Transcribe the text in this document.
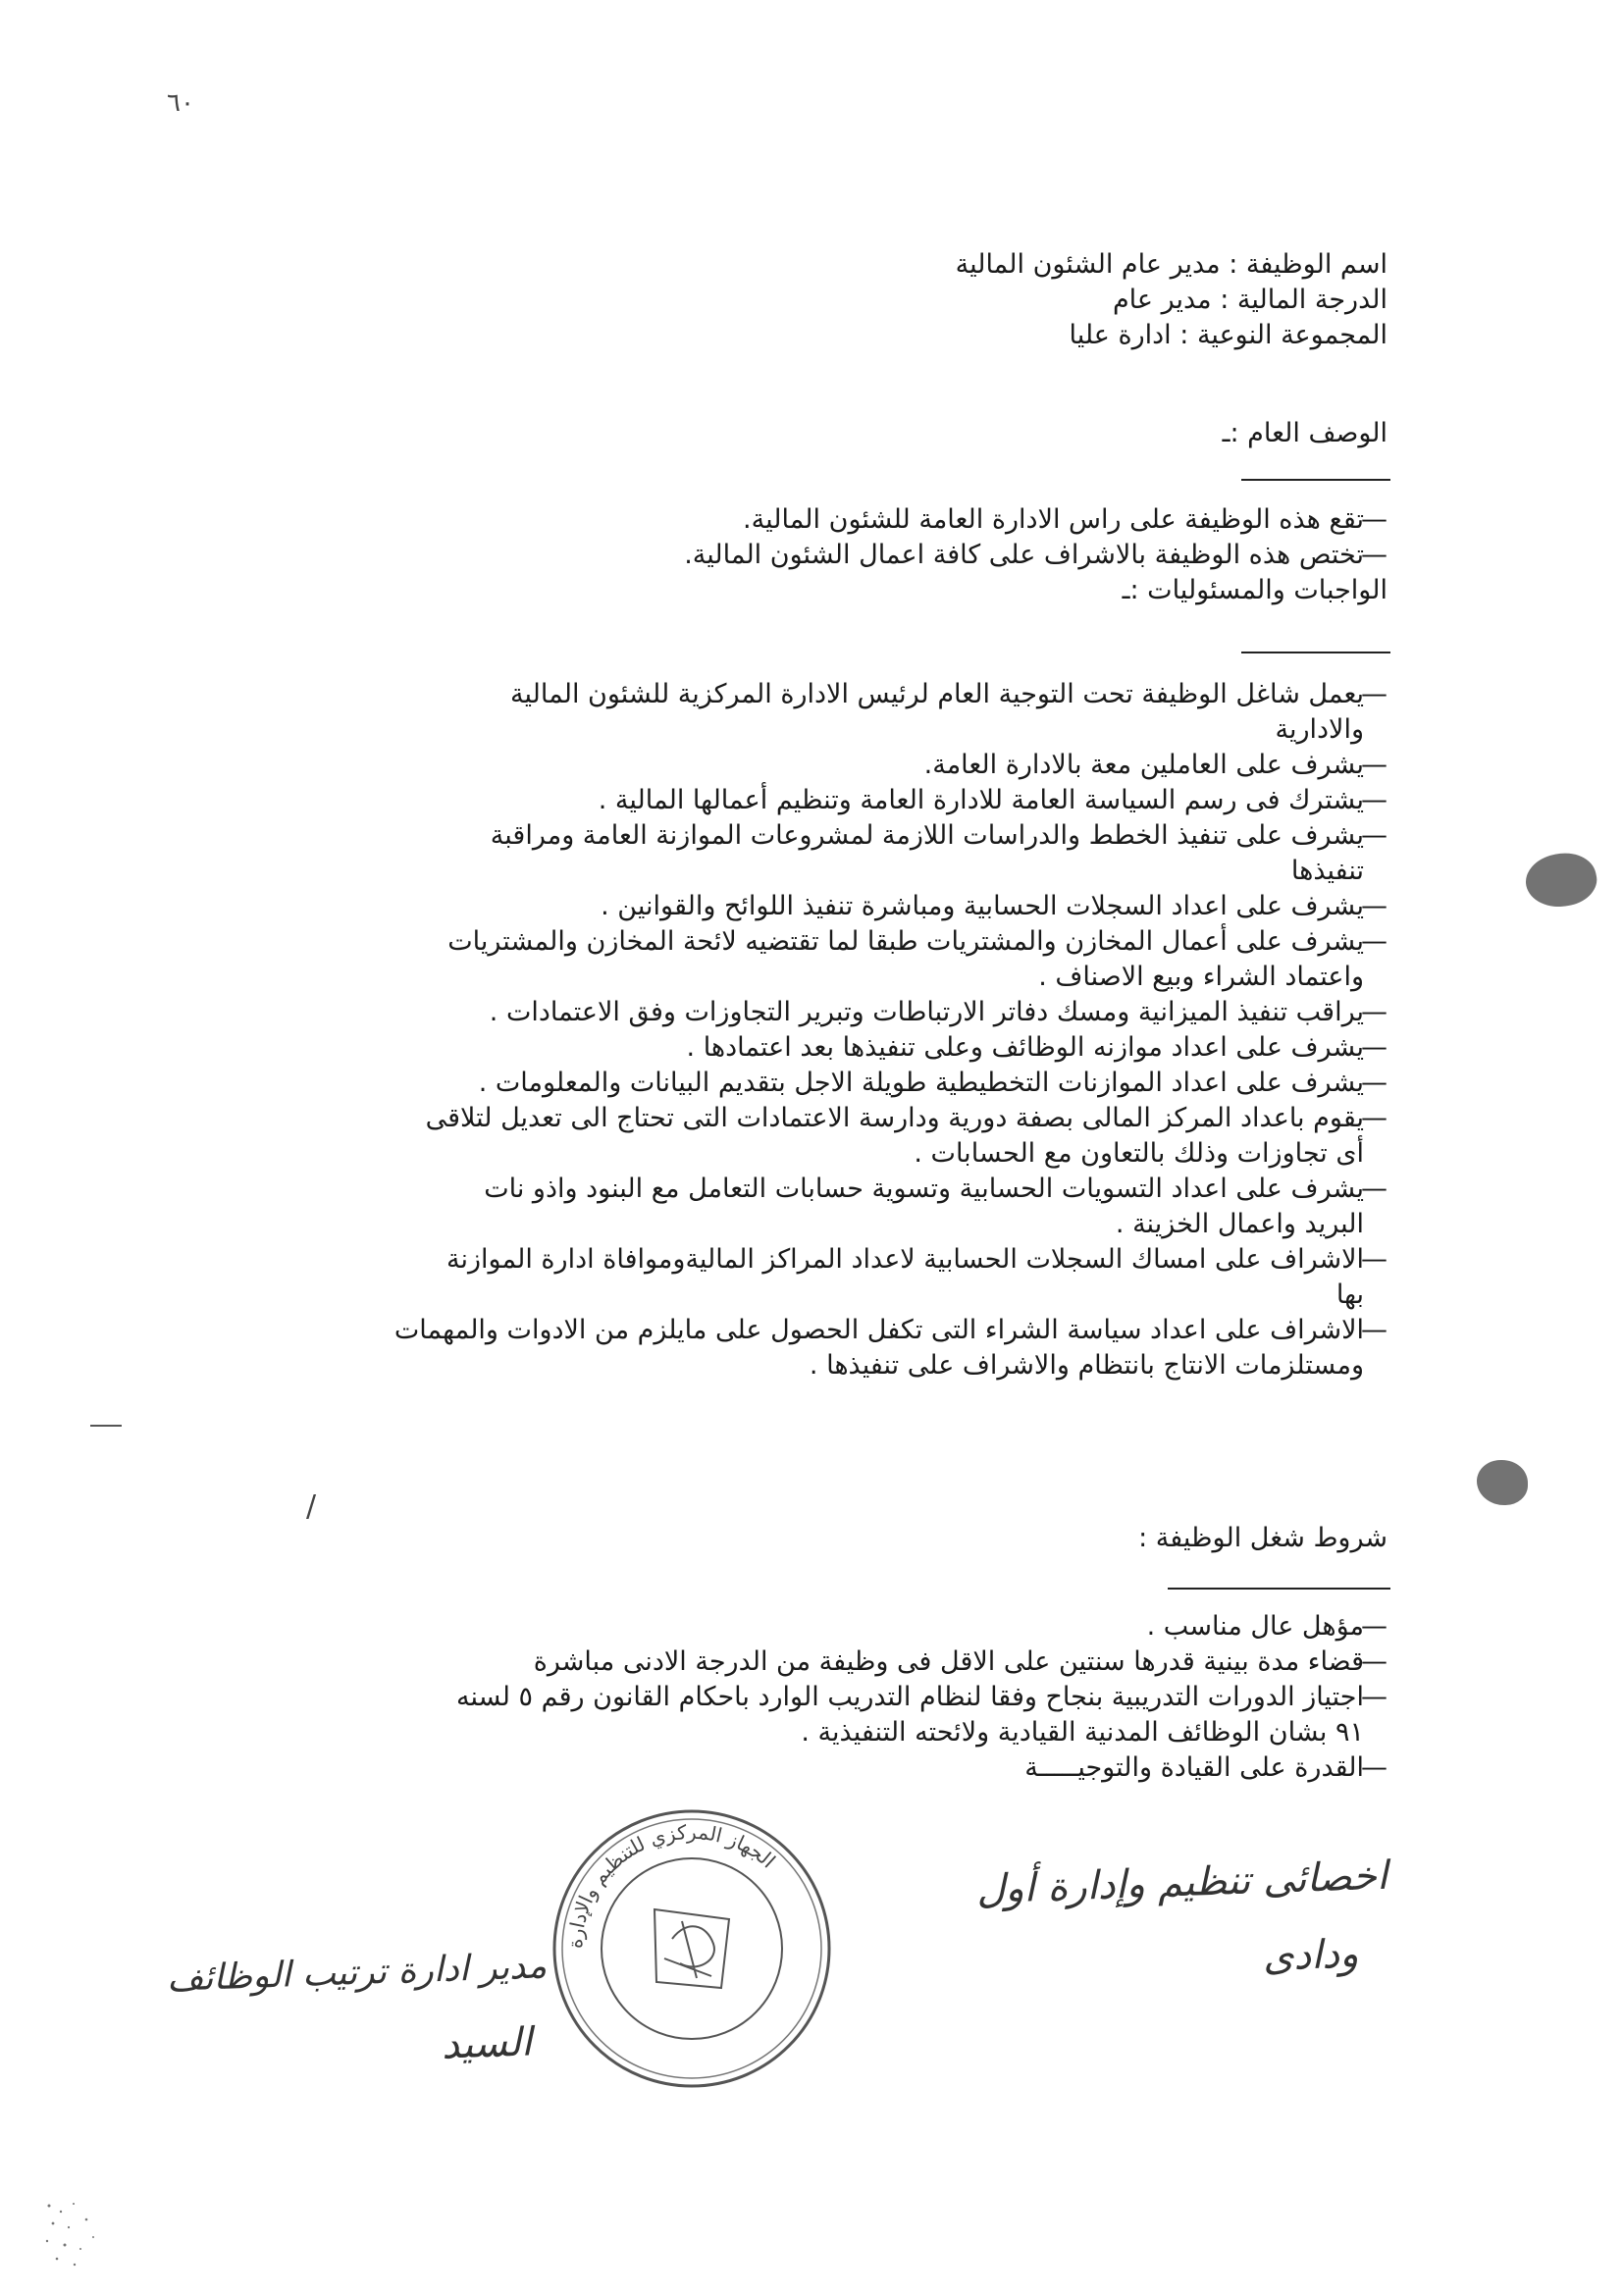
٦٠
اسم الوظيفة : مدير عام الشئون المالية
الدرجة المالية : مدير عام
المجموعة النوعية : ادارة عليا
الوصف العام :ـ
—
تقع هذه الوظيفة على راس الادارة العامة للشئون المالية.
—
تختص هذه الوظيفة بالاشراف على كافة اعمال الشئون المالية.
الواجبات والمسئوليات :ـ
—
يعمل شاغل الوظيفة تحت التوجية العام لرئيس الادارة المركزية للشئون المالية
والادارية
—
يشرف على العاملين معة بالادارة العامة.
—
يشترك فى رسم السياسة العامة للادارة العامة وتنظيم أعمالها المالية .
—
يشرف على تنفيذ الخطط والدراسات اللازمة لمشروعات الموازنة العامة ومراقبة
تنفيذها
—
يشرف على اعداد السجلات الحسابية ومباشرة تنفيذ اللوائح والقوانين .
—
يشرف على أعمال المخازن والمشتريات طبقا لما تقتضيه لائحة المخازن والمشتريات
واعتماد الشراء وبيع الاصناف .
—
يراقب تنفيذ الميزانية ومسك دفاتر الارتباطات وتبرير التجاوزات وفق الاعتمادات .
—
يشرف على اعداد موازنه الوظائف وعلى تنفيذها بعد اعتمادها .
—
يشرف على اعداد الموازنات التخطيطية طويلة الاجل بتقديم البيانات والمعلومات .
—
يقوم باعداد المركز المالى بصفة دورية ودارسة الاعتمادات التى تحتاج الى تعديل لتلاقى
أى تجاوزات وذلك بالتعاون مع الحسابات .
—
يشرف على اعداد التسويات الحسابية وتسوية حسابات التعامل مع البنود واذو نات
البريد واعمال الخزينة .
—
الاشراف على امساك السجلات الحسابية لاعداد المراكز الماليةوموافاة ادارة الموازنة
بها
—
الاشراف على اعداد سياسة الشراء التى تكفل الحصول على مايلزم من الادوات والمهمات
ومستلزمات الانتاج بانتظام والاشراف على تنفيذها .
شروط شغل الوظيفة :
—
مؤهل عال مناسب .
—
قضاء مدة بينية قدرها سنتين على الاقل فى وظيفة من الدرجة الادنى مباشرة
—
اجتياز الدورات التدريبية بنجاح وفقا لنظام التدريب الوارد باحكام القانون رقم ٥ لسنه
٩١ بشان الوظائف المدنية القيادية ولائحته التنفيذية .
—
القدرة على القيادة والتوجيـــــة
/
اخصائى تنظيم وإدارة أول
ودادى
مدير ادارة ترتيب الوظائف
السيد
الجهاز المركزي للتنظيم والإدارة
